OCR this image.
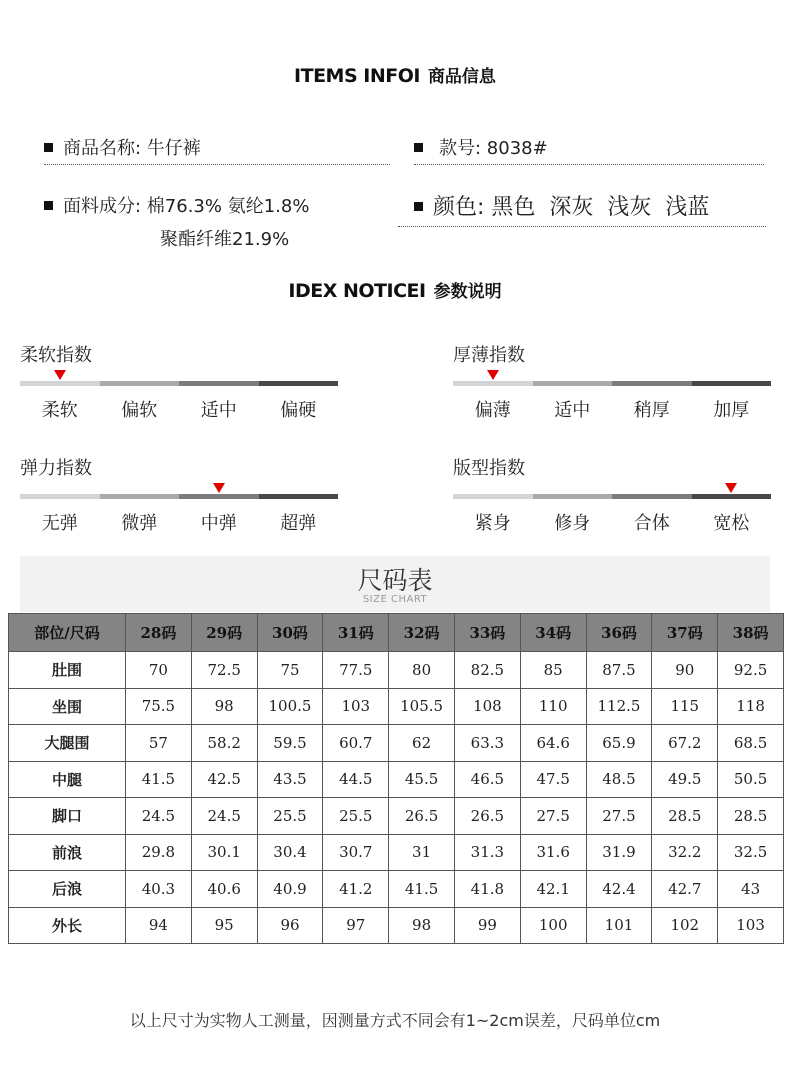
ITEMS INFOI 商品信息
商品名称: 牛仔裤	款号: 8038#
面料成分: 棉76.3% 氨纶1.8%
聚酯纤维21.9%
颜色: 黑色  深灰  浅灰  浅蓝
IDEX NOTICEI 参数说明
柔软指数
柔软	偏软	适中	偏硬
厚薄指数
偏薄	适中	稍厚	加厚
弹力指数
无弹	微弹	中弹	超弹
版型指数
紧身	修身	合体	宽松
尺码表
SIZE CHART
部位/尺码	28码	29码	30码	31码	32码	33码	34码	36码	37码	38码
肚围	70	72.5	75	77.5	80	82.5	85	87.5	90	92.5
坐围	75.5	98	100.5	103	105.5	108	110	112.5	115	118
大腿围	57	58.2	59.5	60.7	62	63.3	64.6	65.9	67.2	68.5
中腿	41.5	42.5	43.5	44.5	45.5	46.5	47.5	48.5	49.5	50.5
脚口	24.5	24.5	25.5	25.5	26.5	26.5	27.5	27.5	28.5	28.5
前浪	29.8	30.1	30.4	30.7	31	31.3	31.6	31.9	32.2	32.5
后浪	40.3	40.6	40.9	41.2	41.5	41.8	42.1	42.4	42.7	43
外长	94	95	96	97	98	99	100	101	102	103
以上尺寸为实物人工测量，因测量方式不同会有1~2cm误差，尺码单位cm
